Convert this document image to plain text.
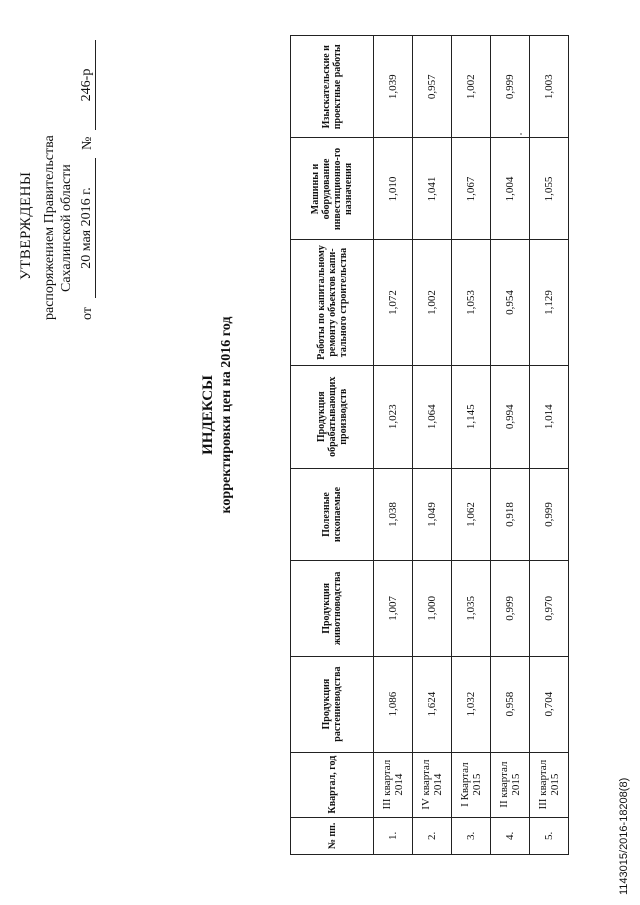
УТВЕРЖДЕНЫ распоряжением Правительства Сахалинской области
от
20 мая 2016 г.
№
246-р
ИНДЕКСЫ корректировки цен на 2016 год
№ пп.	Квартал, год	Продукция растениеводства	Продукция животноводства	Полезные ископаемые	Продукция обрабатывающих производств	Работы по капитальному ремонту объектов капи-тального строительства	Машины и оборудование инвестиционно-го назначения	Изыскательские и проектные работы
1.	III квартал 2014	1,086	1,007	1,038	1,023	1,072	1,010	1,039
2.	IV квартал 2014	1,624	1,000	1,049	1,064	1,002	1,041	0,957
3.	I Квартал 2015	1,032	1,035	1,062	1,145	1,053	1,067	1,002
4.	II квартал 2015	0,958	0,999	0,918	0,994	0,954	1,004	0,999
5.	III квартал 2015	0,704	0,970	0,999	1,014	1,129	1,055	1,003
1143015/2016-18208(8)
